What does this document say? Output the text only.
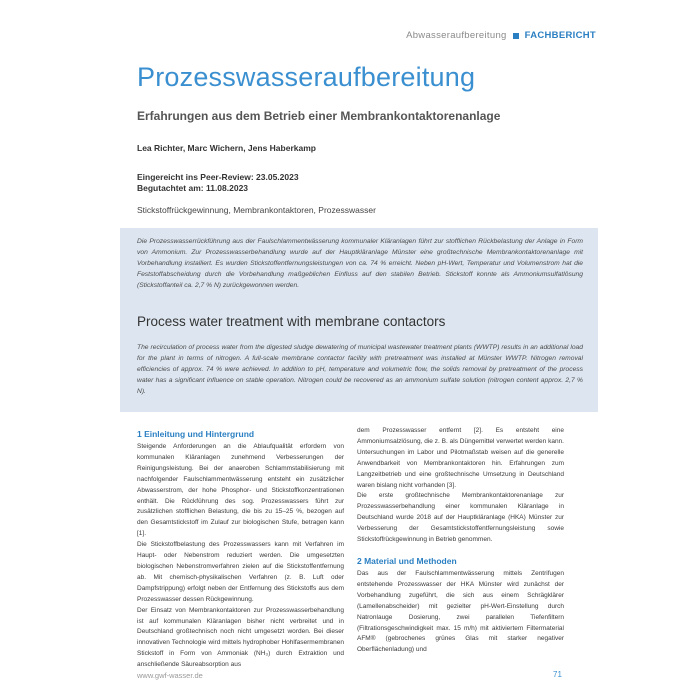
Abwasseraufbereitung FACHBERICHT
Prozesswasseraufbereitung
Erfahrungen aus dem Betrieb einer Membrankontaktorenanlage
Lea Richter, Marc Wichern, Jens Haberkamp
Eingereicht ins Peer-Review: 23.05.2023
Begutachtet am: 11.08.2023
Stickstoffrückgewinnung, Membrankontaktoren, Prozesswasser

Die Prozesswasserrückführung aus der Faulschlammentwässerung kommunaler Kläranlagen führt zur stofflichen Rückbelastung der Anlage in Form von Ammonium. Zur Prozesswasserbehandlung wurde auf der Hauptkläranlage Münster eine großtechnische Membrankontaktorenanlage mit Vorbehandlung installiert. Es wurden Stickstoffentfernungsleistungen von ca. 74 % erreicht. Neben pH-Wert, Temperatur und Volumenstrom hat die Feststoffabscheidung durch die Vorbehandlung maßgeblichen Einfluss auf den stabilen Betrieb. Stickstoff konnte als Ammoniumsulfatlösung (Stickstoffanteil ca. 2,7 % N) zurückgewonnen werden.

Process water treatment with membrane contactors

The recirculation of process water from the digested sludge dewatering of municipal wastewater treatment plants (WWTP) results in an additional load for the plant in terms of nitrogen. A full-scale membrane contactor facility with pretreatment was installed at Münster WWTP. Nitrogen removal efficiencies of approx. 74 % were achieved. In addition to pH, temperature and volumetric flow, the solids removal by pretreatment of the process water has a significant influence on stable operation. Nitrogen could be recovered as an ammonium sulfate solution (nitrogen content approx. 2,7 % N).

1 Einleitung und Hintergrund

Steigende Anforderungen an die Ablaufqualität erfordern von kommunalen Kläranlagen zunehmend Verbesserungen der Reinigungsleistung. Bei der anaeroben Schlammstabilisierung mit nachfolgender Faulschlammentwässerung entsteht ein zusätzlicher Abwasserstrom, der hohe Phosphor- und Stickstoffkonzentrationen enthält. Die Rückführung des sog. Prozesswassers führt zur zusätzlichen stofflichen Belastung, die bis zu 15–25 %, bezogen auf den Gesamtstickstoff im Zulauf zur biologischen Stufe, betragen kann [1].

Die Stickstoffbelastung des Prozesswassers kann mit Verfahren im Haupt- oder Nebenstrom reduziert werden. Die umgesetzten biologischen Nebenstromverfahren zielen auf die Stickstoffentfernung ab. Mit chemisch-physikalischen Verfahren (z. B. Luft oder Dampfstrippung) erfolgt neben der Entfernung des Stickstoffs aus dem Prozesswasser dessen Rückgewinnung.

Der Einsatz von Membrankontaktoren zur Prozesswasserbehandlung ist auf kommunalen Kläranlagen bisher nicht verbreitet und in Deutschland großtechnisch noch nicht umgesetzt worden. Bei dieser innovativen Technologie wird mittels hydrophober Hohlfasermembranen Stickstoff in Form von Ammoniak (NH₃) durch Extraktion und anschließende Säureabsorption aus

dem Prozesswasser entfernt [2]. Es entsteht eine Ammoniumsalzlösung, die z. B. als Düngemittel verwertet werden kann. Untersuchungen im Labor und Pilotmaßstab weisen auf die generelle Anwendbarkeit von Membrankontaktoren hin. Erfahrungen zum Langzeitbetrieb und eine großtechnische Umsetzung in Deutschland waren bislang nicht vorhanden [3].

Die erste großtechnische Membrankontaktorenanlage zur Prozesswasserbehandlung einer kommunalen Kläranlage in Deutschland wurde 2018 auf der Hauptkläranlage (HKA) Münster zur Verbesserung der Gesamtstickstoffentfernungsleistung sowie Stickstoffrückgewinnung in Betrieb genommen.

2 Material und Methoden

Das aus der Faulschlammentwässerung mittels Zentrifugen entstehende Prozesswasser der HKA Münster wird zunächst der Vorbehandlung zugeführt, die sich aus einem Schrägklärer (Lamellenabscheider) mit gezielter pH-Wert-Einstellung durch Natronlauge Dosierung, zwei parallelen Tiefenfiltern (Filtrationsgeschwindigkeit max. 15 m/h) mit aktiviertem Filtermaterial AFM® (gebrochenes grünes Glas mit starker negativer Oberflächenladung) und

www.gwf-wasser.de	71
